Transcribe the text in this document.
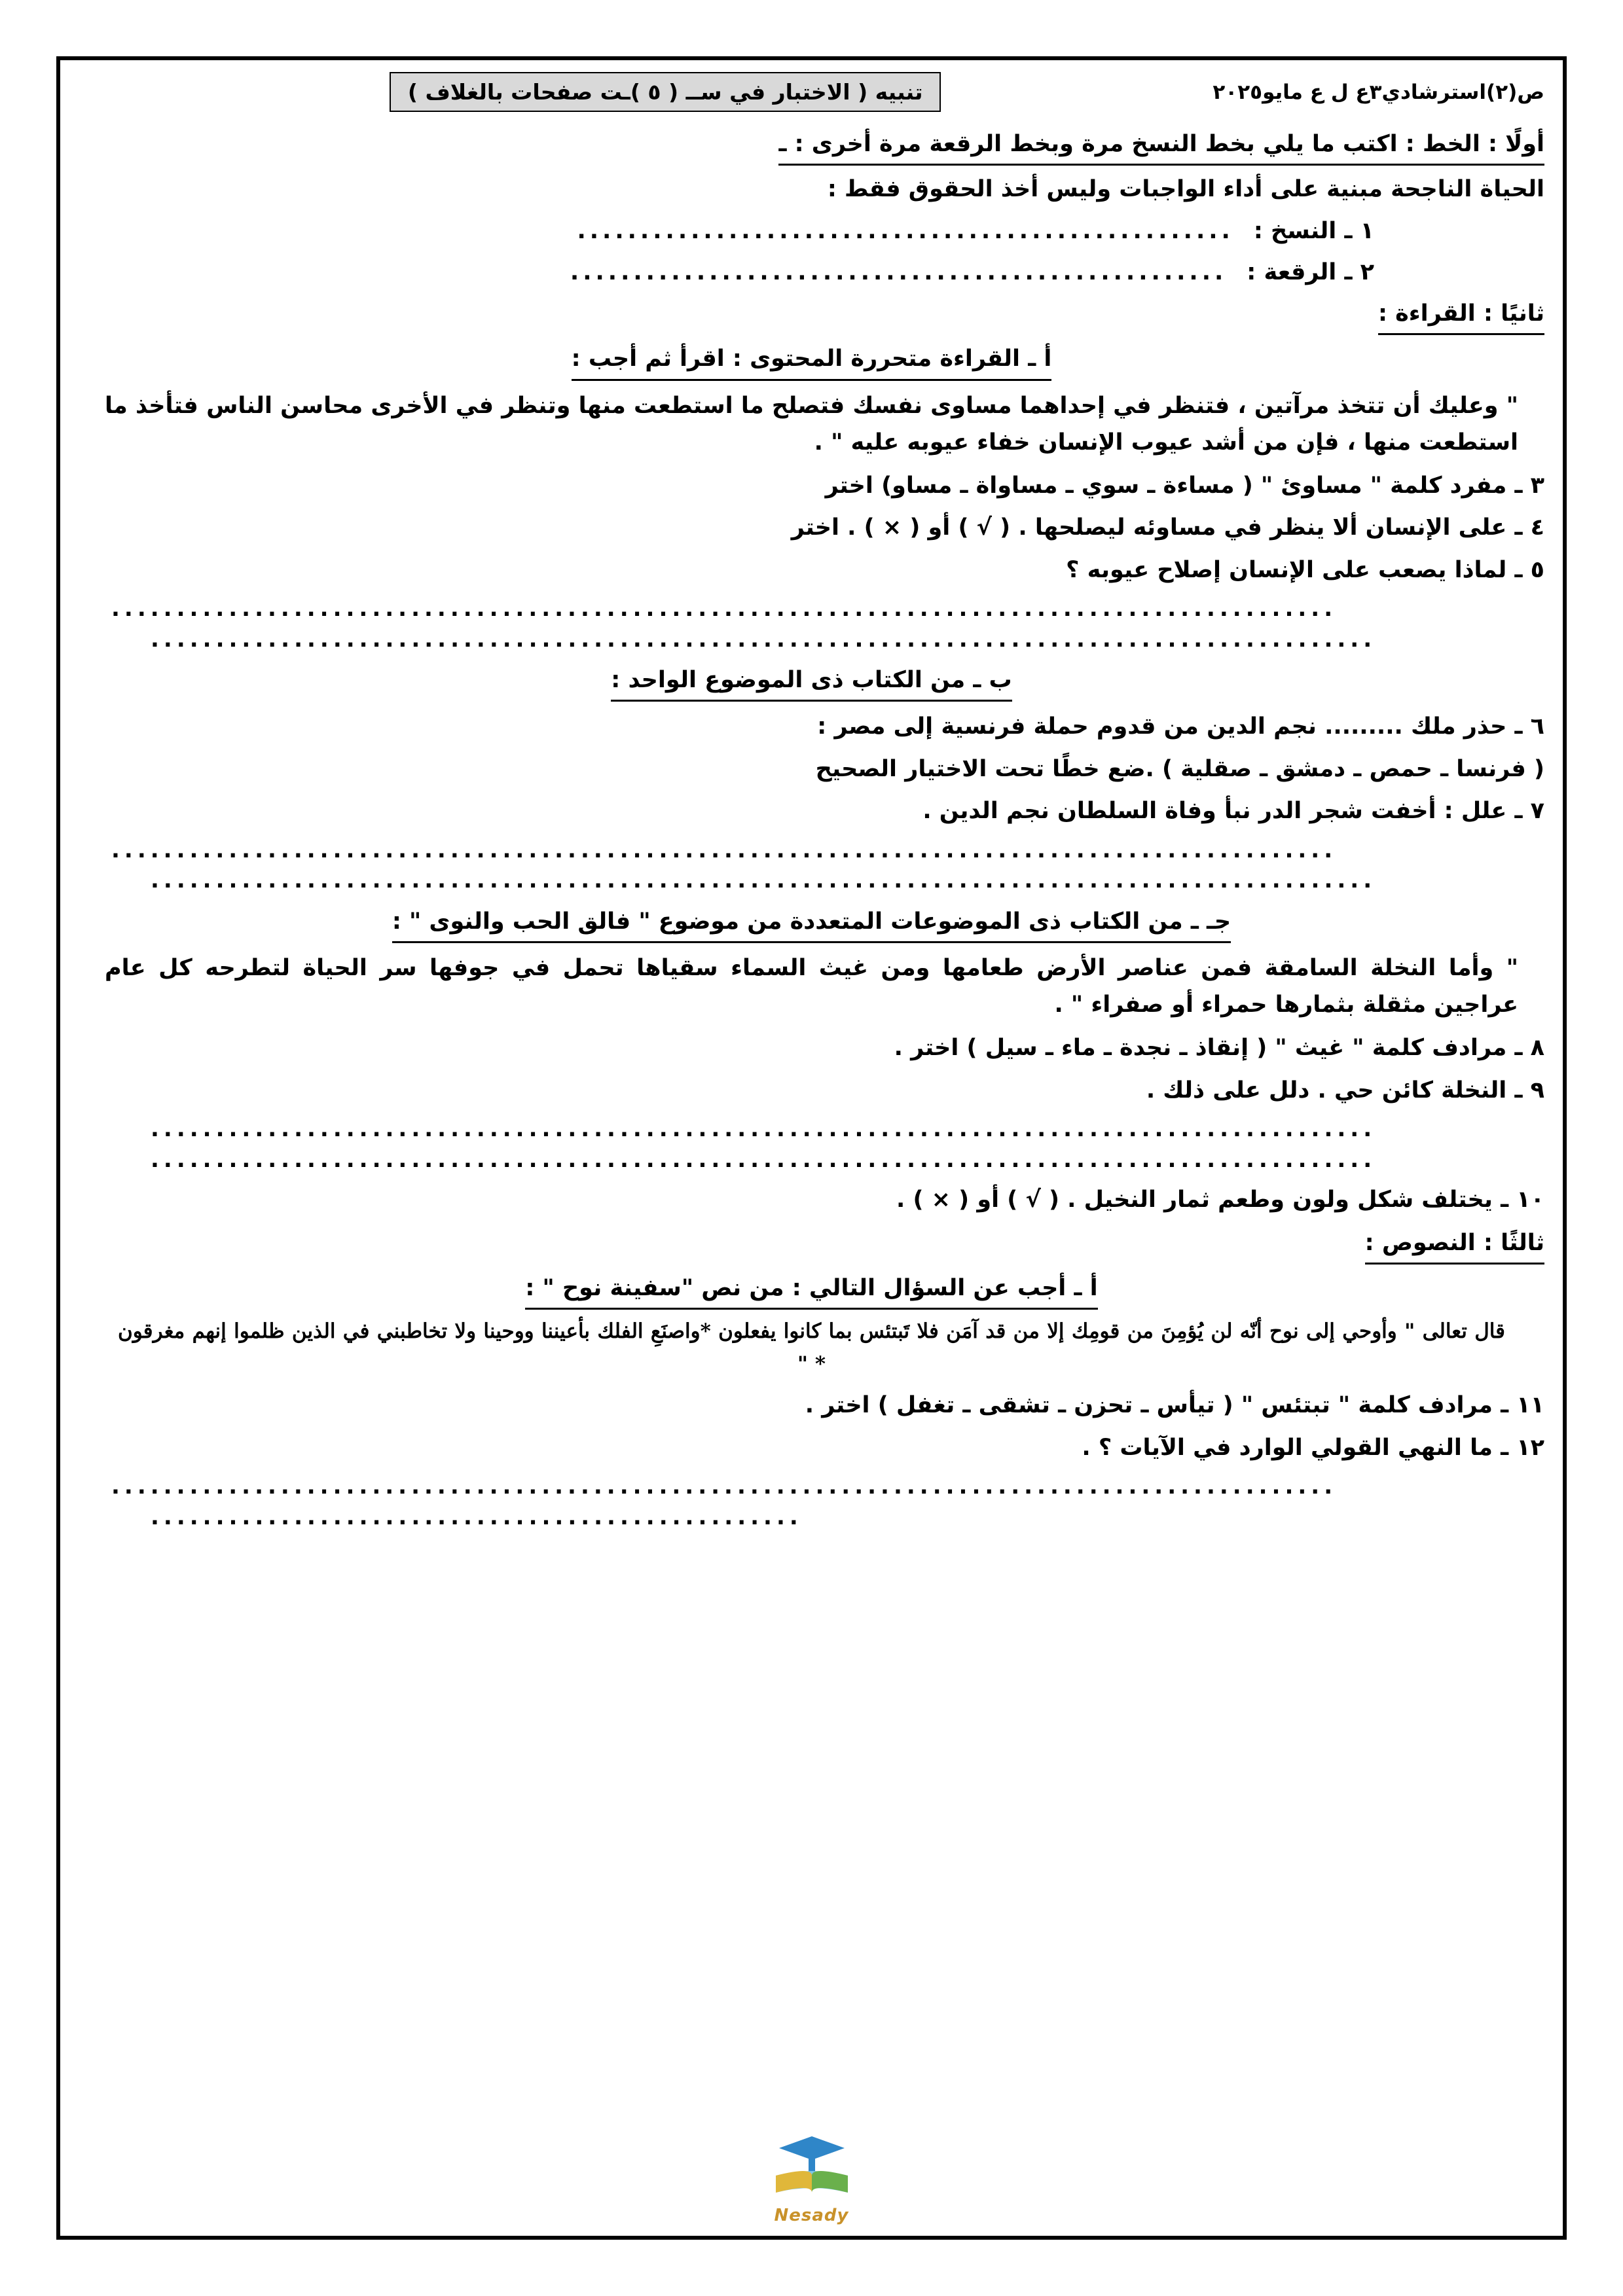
ص(٢)استرشادي٣ع ل ع مايو٢٠٢٥
تنبيه ( الاختبار في ســ ( ٥ )ـت صفحات بالغلاف )
أولًا : الخط : اكتب ما يلي بخط النسخ مرة وبخط الرقعة مرة أخرى : ـ
الحياة الناجحة مبنية على أداء الواجبات وليس أخذ الحقوق فقط :
١ ـ النسخ :
....................................................
٢ ـ الرقعة :
....................................................
ثانيًا : القراءة :
أ ـ القراءة متحررة المحتوى : اقرأ ثم أجب :
" وعليك أن تتخذ مرآتين ، فتنظر في إحداهما مساوى نفسك فتصلح ما استطعت منها وتنظر في الأخرى محاسن الناس فتأخذ ما استطعت منها ، فإن من أشد عيوب الإنسان خفاء عيوبه عليه " .
٣ ـ مفرد كلمة " مساوئ " ( مساءة ـ سوي ـ مساواة ـ مساو) اختر
٤ ـ على الإنسان ألا ينظر في مساوئه ليصلحها . ( √ ) أو ( × ) . اختر
٥ ـ لماذا يصعب على الإنسان إصلاح عيوبه ؟
..............................................................................................
..............................................................................................
ب ـ من الكتاب ذى الموضوع الواحد :
٦ ـ حذر ملك ......... نجم الدين من قدوم حملة فرنسية إلى مصر :
( فرنسا ـ حمص ـ دمشق ـ صقلية ) .ضع خطًا تحت الاختيار الصحيح
٧ ـ علل : أخفت شجر الدر نبأ وفاة السلطان نجم الدين .
..............................................................................................
..............................................................................................
جـ ـ من الكتاب ذى الموضوعات المتعددة من موضوع " فالق الحب والنوى " :
" وأما النخلة السامقة فمن عناصر الأرض طعامها ومن غيث السماء سقياها تحمل في جوفها سر الحياة لتطرحه كل عام عراجين مثقلة بثمارها حمراء أو صفراء " .
٨ ـ مرادف كلمة " غيث " ( إنقاذ ـ نجدة ـ ماء ـ سيل ) اختر .
٩ ـ النخلة كائن حي . دلل على ذلك .
..............................................................................................
..............................................................................................
١٠ ـ يختلف شكل ولون وطعم ثمار النخيل . ( √ ) أو ( × ) .
ثالثًا : النصوص :
أ ـ أجب عن السؤال التالي : من نص "سفينة نوح " :
قال تعالى " وأوحي إلى نوح أنّه لن يُؤمِنَ من قومِك إلا من قد آمَن فلا تَبتئس بما كانوا يفعلون *واصنَعِ الفلك بأعيننا ووحينا ولا تخاطبني في الذين ظلموا إنهم مغرقون * "
١١ ـ مرادف كلمة " تبتئس " ( تيأس ـ تحزن ـ تشقى ـ تغفل ) اختر .
١٢ ـ ما النهي القولي الوارد في الآيات ؟ .
..............................................................................................
..................................................
Nesady
